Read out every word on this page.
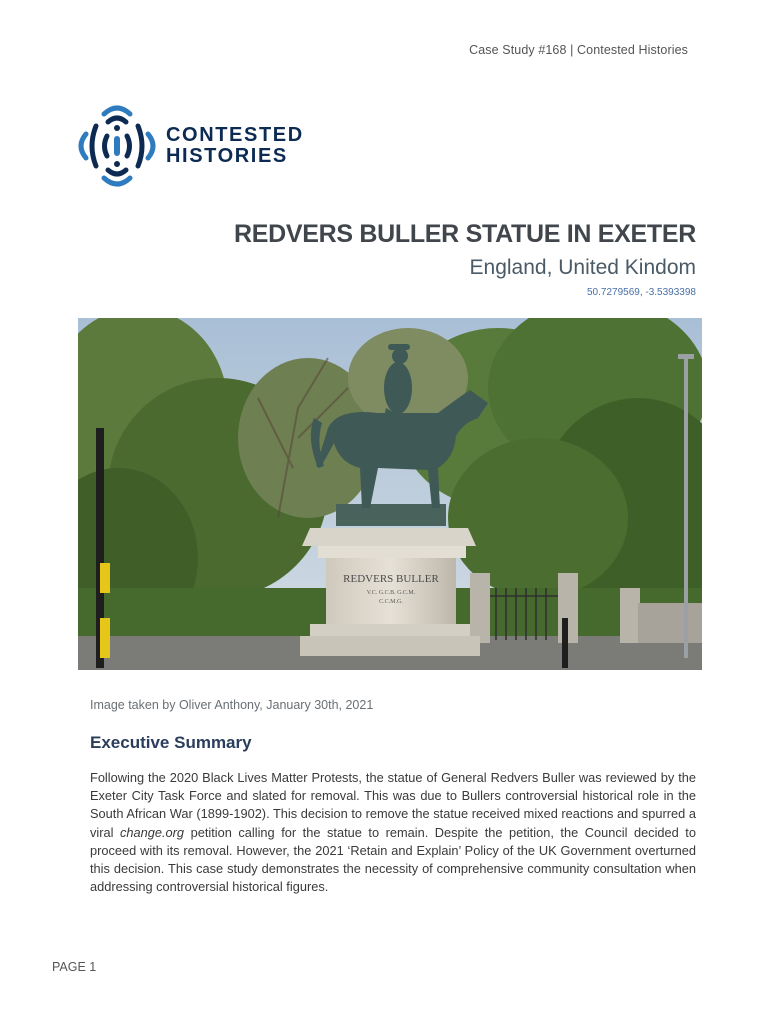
Case Study #168 | Contested Histories
CONTESTED
HISTORIES
REDVERS BULLER STATUE IN EXETER
England, United Kindom
50.7279569, -3.5393398
REDVERS BULLER
V.C. G.C.B. G.C.M.
C.C.M.G.
Image taken by Oliver Anthony, January 30th, 2021
Executive Summary
Following the 2020 Black Lives Matter Protests, the statue of General Redvers Buller was reviewed by the Exeter City Task Force and slated for removal. This was due to Bullers controversial historical role in the South African War (1899-1902). This decision to remove the statue received mixed reactions and spurred a viral change.org petition calling for the statue to remain. Despite the petition, the Council decided to proceed with its removal. However, the 2021 ‘Retain and Explain’ Policy of the UK Government overturned this decision. This case study demonstrates the necessity of comprehensive community consultation when addressing controversial historical figures.
PAGE 1
